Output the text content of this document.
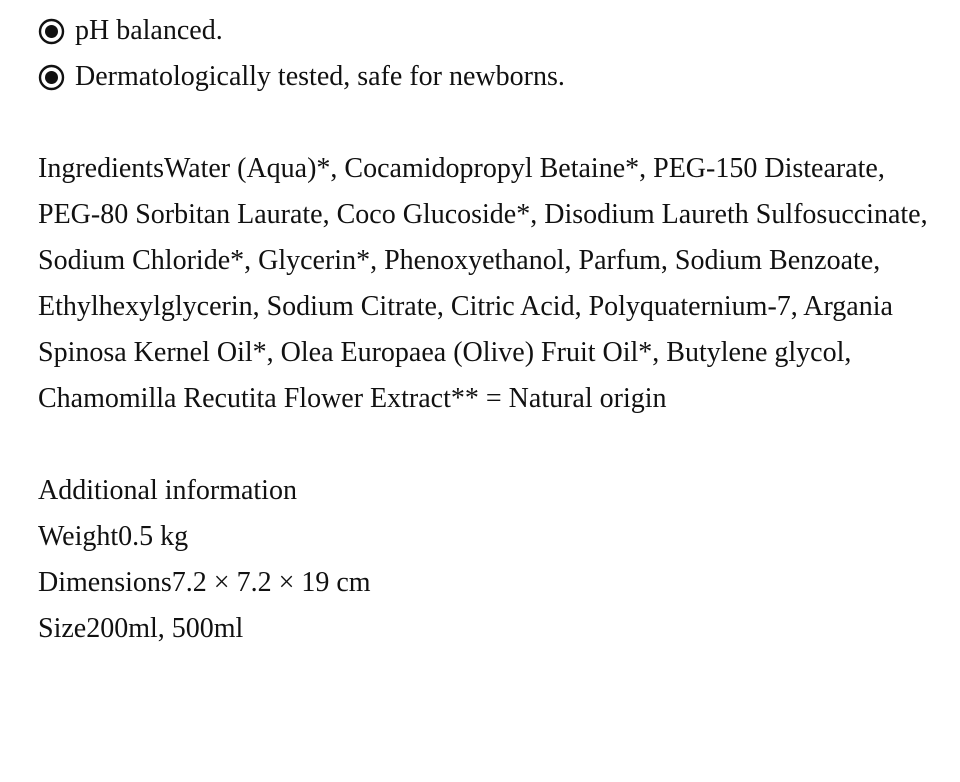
pH balanced.
Dermatologically tested, safe for newborns.

IngredientsWater (Aqua)*, Cocamidopropyl Betaine*, PEG-150 Distearate, PEG-80 Sorbitan Laurate, Coco Glucoside*, Disodium Laureth Sulfosuccinate, Sodium Chloride*, Glycerin*, Phenoxyethanol, Parfum, Sodium Benzoate, Ethylhexylglycerin, Sodium Citrate, Citric Acid, Polyquaternium-7, Argania Spinosa Kernel Oil*, Olea Europaea (Olive) Fruit Oil*, Butylene glycol, Chamomilla Recutita Flower Extract** = Natural origin

Additional information
Weight0.5 kg
Dimensions7.2 × 7.2 × 19 cm
Size200ml, 500ml
